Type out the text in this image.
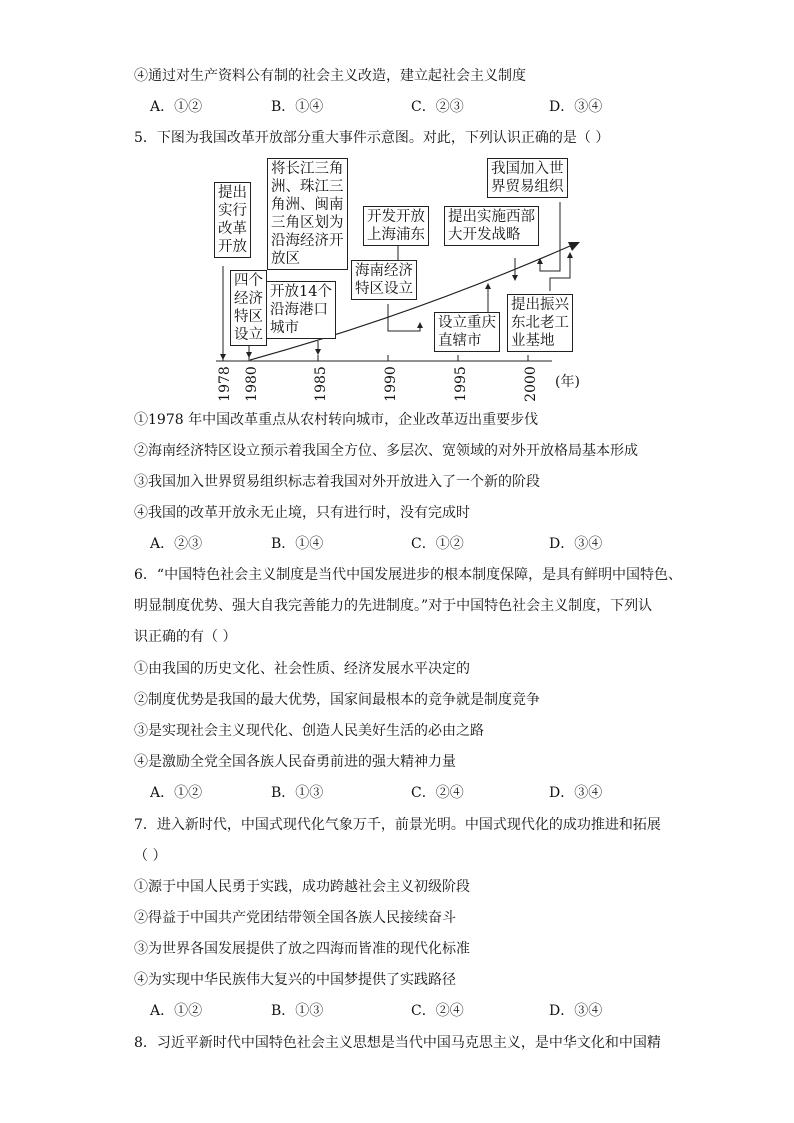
④通过对生产资料公有制的社会主义改造，建立起社会主义制度
A．①②	B．①④	C．②③	D．③④
5．下图为我国改革开放部分重大事件示意图。对此，下列认识正确的是（ ）
提出
实行
改革
开放
四个
经济
特区
设立
将长江三角
洲、珠江三
角洲、闽南
三角区划为
沿海经济开
放区
开放14个
沿海港口
城市
海南经济
特区设立
开发开放
上海浦东
设立重庆
直辖市
提出实施西部
大开发战略
我国加入世
界贸易组织
提出振兴
东北老工
业基地
1978 1980	1985	1990	1995	2000 (年)
①1978 年中国改革重点从农村转向城市，企业改革迈出重要步伐
②海南经济特区设立预示着我国全方位、多层次、宽领域的对外开放格局基本形成
③我国加入世界贸易组织标志着我国对外开放进入了一个新的阶段
④我国的改革开放永无止境，只有进行时，没有完成时
A．②③	B．①④	C．①②	D．③④
6．“中国特色社会主义制度是当代中国发展进步的根本制度保障，是具有鲜明中国特色、
明显制度优势、强大自我完善能力的先进制度。”对于中国特色社会主义制度，下列认
识正确的有（ ）
①由我国的历史文化、社会性质、经济发展水平决定的
②制度优势是我国的最大优势，国家间最根本的竞争就是制度竞争
③是实现社会主义现代化、创造人民美好生活的必由之路
④是激励全党全国各族人民奋勇前进的强大精神力量
A．①②	B．①③	C．②④	D．③④
7．进入新时代，中国式现代化气象万千，前景光明。中国式现代化的成功推进和拓展
（ ）
①源于中国人民勇于实践，成功跨越社会主义初级阶段
②得益于中国共产党团结带领全国各族人民接续奋斗
③为世界各国发展提供了放之四海而皆准的现代化标准
④为实现中华民族伟大复兴的中国梦提供了实践路径
A．①②	B．①③	C．②④	D．③④
8．习近平新时代中国特色社会主义思想是当代中国马克思主义，是中华文化和中国精
